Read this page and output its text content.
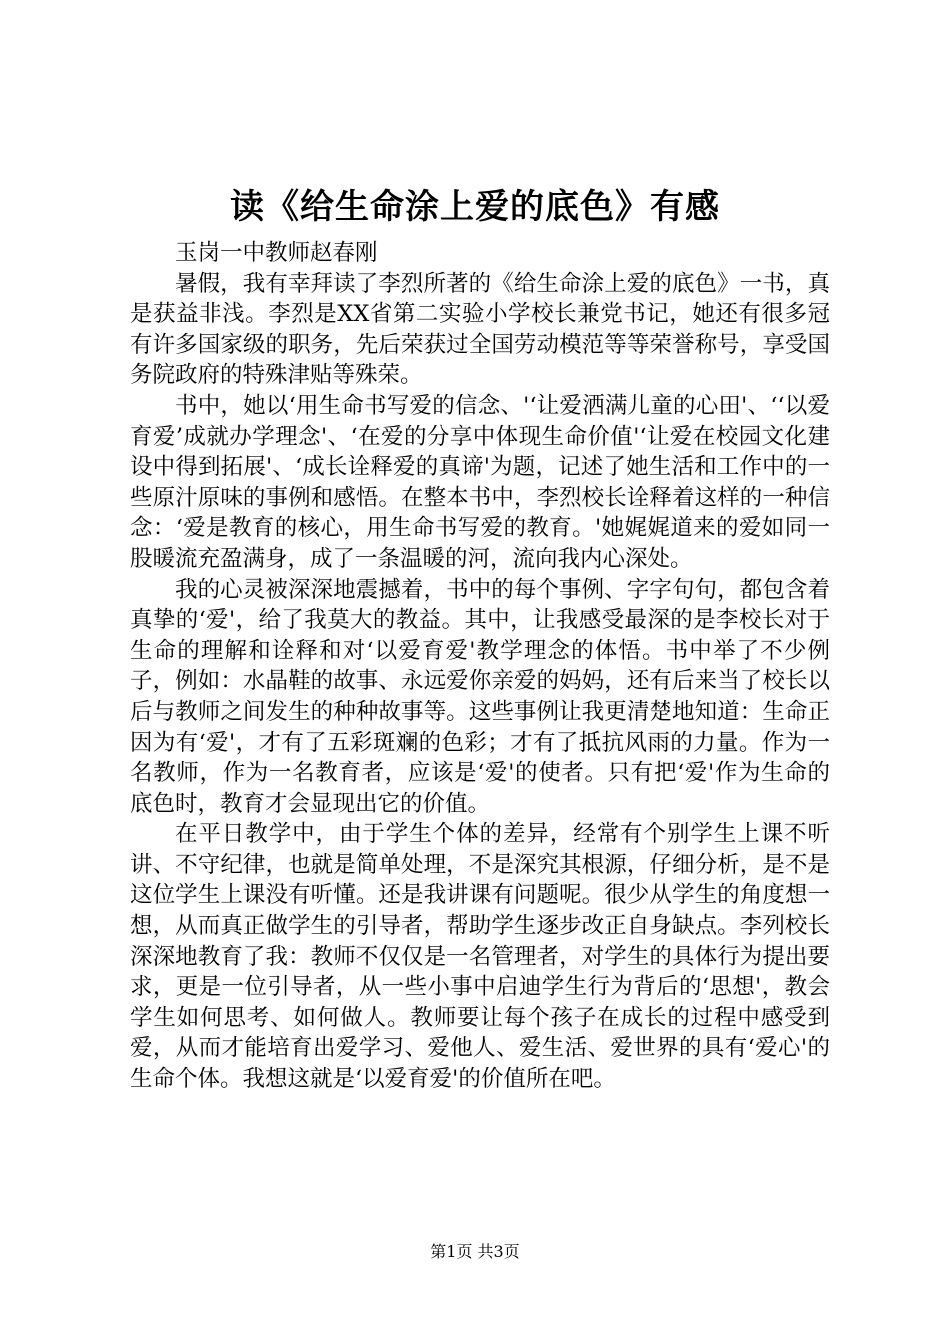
读《给生命涂上爱的底色》有感

玉岗一中教师赵春刚

暑假，我有幸拜读了李烈所著的《给生命涂上爱的底色》一书，真是获益非浅。李烈是XX省第二实验小学校长兼党书记，她还有很多冠有许多国家级的职务，先后荣获过全国劳动模范等等荣誉称号，享受国务院政府的特殊津贴等殊荣。

书中，她以‘用生命书写爱的信念、'‘让爱洒满儿童的心田'、‘‘以爱育爱’成就办学理念'、‘在爱的分享中体现生命价值'‘让爱在校园文化建设中得到拓展'、‘成长诠释爱的真谛'为题，记述了她生活和工作中的一些原汁原味的事例和感悟。在整本书中，李烈校长诠释着这样的一种信念：‘爱是教育的核心，用生命书写爱的教育。'她娓娓道来的爱如同一股暖流充盈满身，成了一条温暖的河，流向我内心深处。

我的心灵被深深地震撼着，书中的每个事例、字字句句，都包含着真挚的‘爱'，给了我莫大的教益。其中，让我感受最深的是李校长对于生命的理解和诠释和对‘以爱育爱'教学理念的体悟。书中举了不少例子，例如：水晶鞋的故事、永远爱你亲爱的妈妈，还有后来当了校长以后与教师之间发生的种种故事等。这些事例让我更清楚地知道：生命正因为有‘爱'，才有了五彩斑斓的色彩；才有了抵抗风雨的力量。作为一名教师，作为一名教育者，应该是‘爱'的使者。只有把‘爱'作为生命的底色时，教育才会显现出它的价值。

在平日教学中，由于学生个体的差异，经常有个别学生上课不听讲、不守纪律，也就是简单处理，不是深究其根源，仔细分析，是不是这位学生上课没有听懂。还是我讲课有问题呢。很少从学生的角度想一想，从而真正做学生的引导者，帮助学生逐步改正自身缺点。李列校长深深地教育了我：教师不仅仅是一名管理者，对学生的具体行为提出要求，更是一位引导者，从一些小事中启迪学生行为背后的‘思想'，教会学生如何思考、如何做人。教师要让每个孩子在成长的过程中感受到爱，从而才能培育出爱学习、爱他人、爱生活、爱世界的具有‘爱心'的生命个体。我想这就是‘以爱育爱'的价值所在吧。

第1页 共3页
